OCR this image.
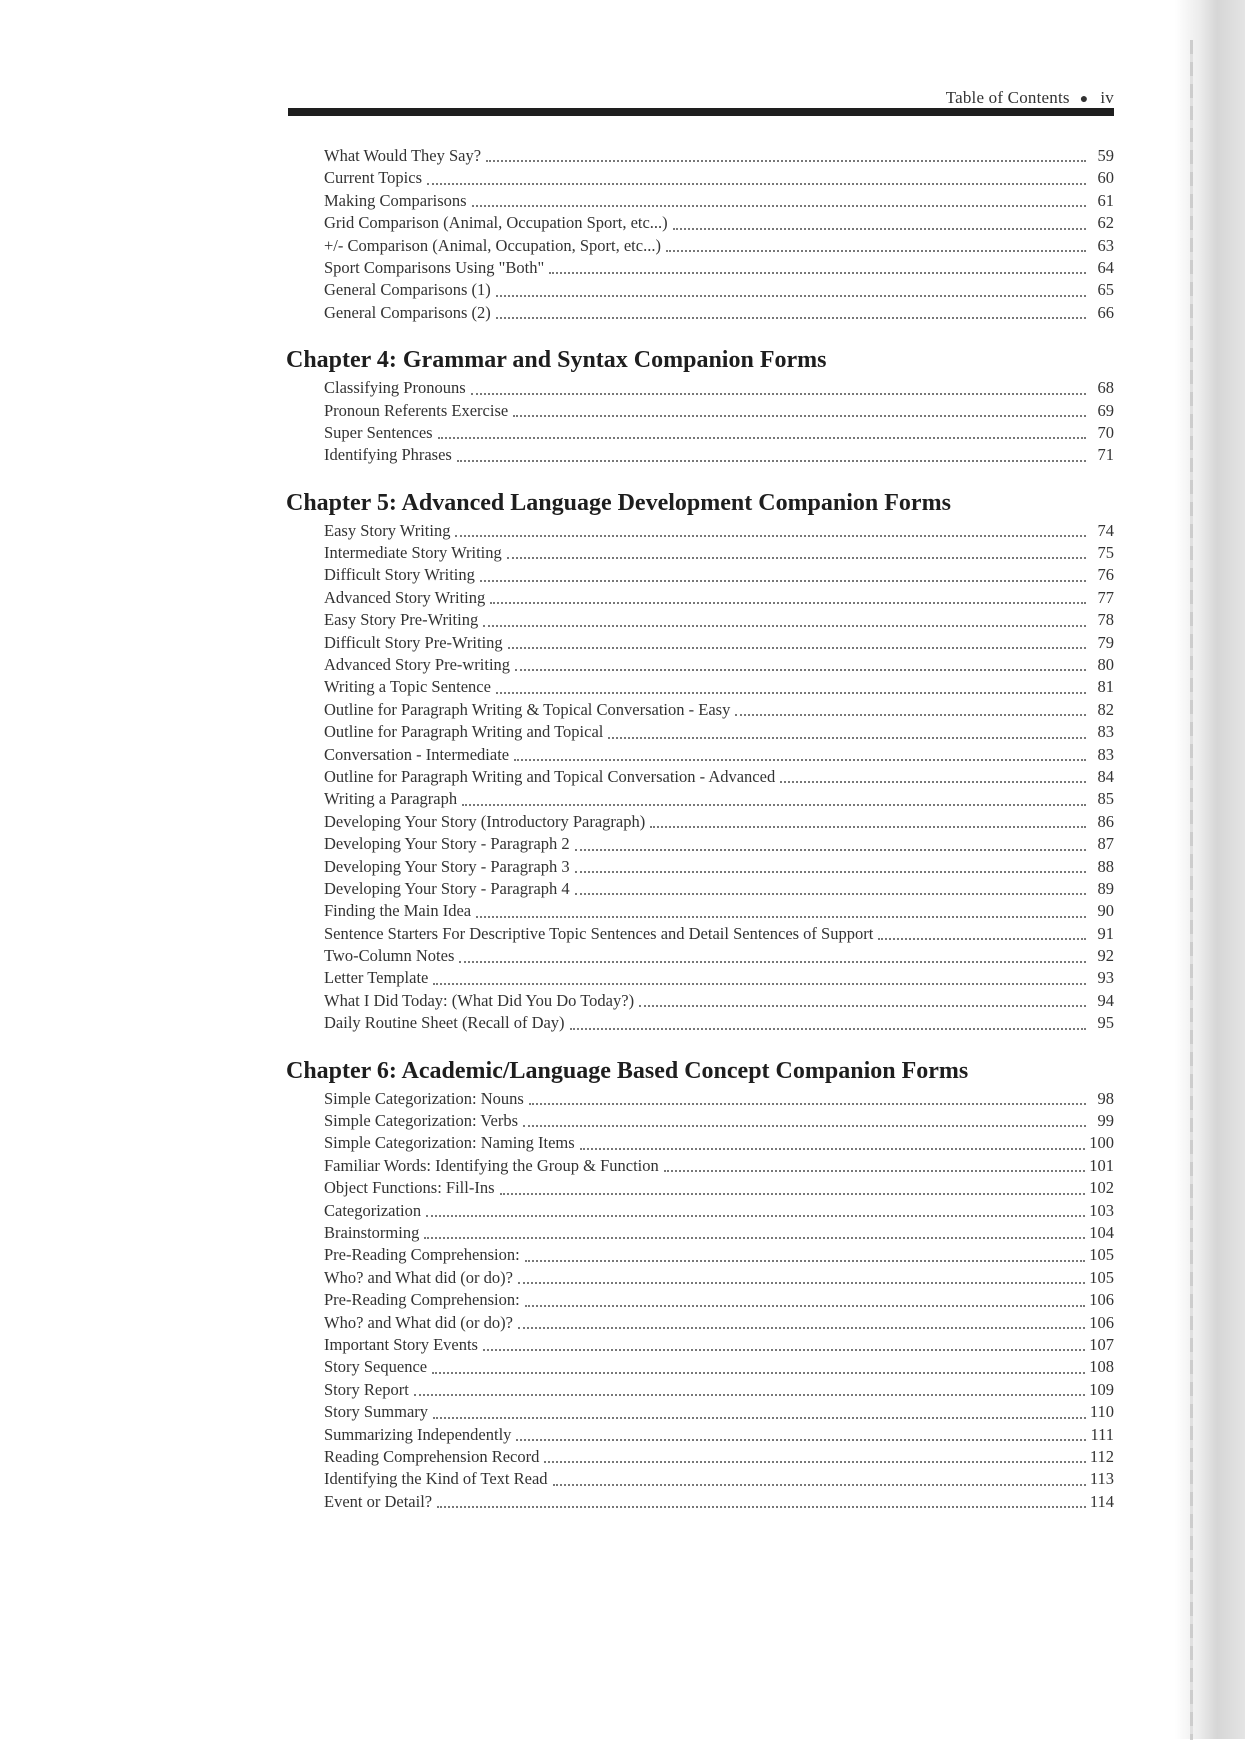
Table of Contents ● iv
What Would They Say?	59
Current Topics	60
Making Comparisons	61
Grid Comparison (Animal, Occupation Sport, etc...)	62
+/- Comparison (Animal, Occupation, Sport, etc...)	63
Sport Comparisons Using "Both"	64
General Comparisons (1)	65
General Comparisons (2)	66
Chapter 4: Grammar and Syntax Companion Forms
Classifying Pronouns	68
Pronoun Referents Exercise	69
Super Sentences	70
Identifying Phrases	71
Chapter 5: Advanced Language Development Companion Forms
Easy Story Writing	74
Intermediate Story Writing	75
Difficult Story Writing	76
Advanced Story Writing	77
Easy Story Pre-Writing	78
Difficult Story Pre-Writing	79
Advanced Story Pre-writing	80
Writing a Topic Sentence	81
Outline for Paragraph Writing & Topical Conversation - Easy	82
Outline for Paragraph Writing and Topical	83
Conversation - Intermediate	83
Outline for Paragraph Writing and Topical Conversation - Advanced	84
Writing a Paragraph	85
Developing Your Story (Introductory Paragraph)	86
Developing Your Story - Paragraph 2	87
Developing Your Story - Paragraph 3	88
Developing Your Story - Paragraph 4	89
Finding the Main Idea	90
Sentence Starters For Descriptive Topic Sentences and Detail Sentences of Support	91
Two-Column Notes	92
Letter Template	93
What I Did Today: (What Did You Do Today?)	94
Daily Routine Sheet (Recall of Day)	95
Chapter 6: Academic/Language Based Concept Companion Forms
Simple Categorization: Nouns	98
Simple Categorization: Verbs	99
Simple Categorization: Naming Items	100
Familiar Words: Identifying the Group & Function	101
Object Functions: Fill-Ins	102
Categorization	103
Brainstorming	104
Pre-Reading Comprehension:	105
Who? and What did (or do)?	105
Pre-Reading Comprehension:	106
Who? and What did (or do)?	106
Important Story Events	107
Story Sequence	108
Story Report	109
Story Summary	110
Summarizing Independently	111
Reading Comprehension Record	112
Identifying the Kind of Text Read	113
Event or Detail?	114
